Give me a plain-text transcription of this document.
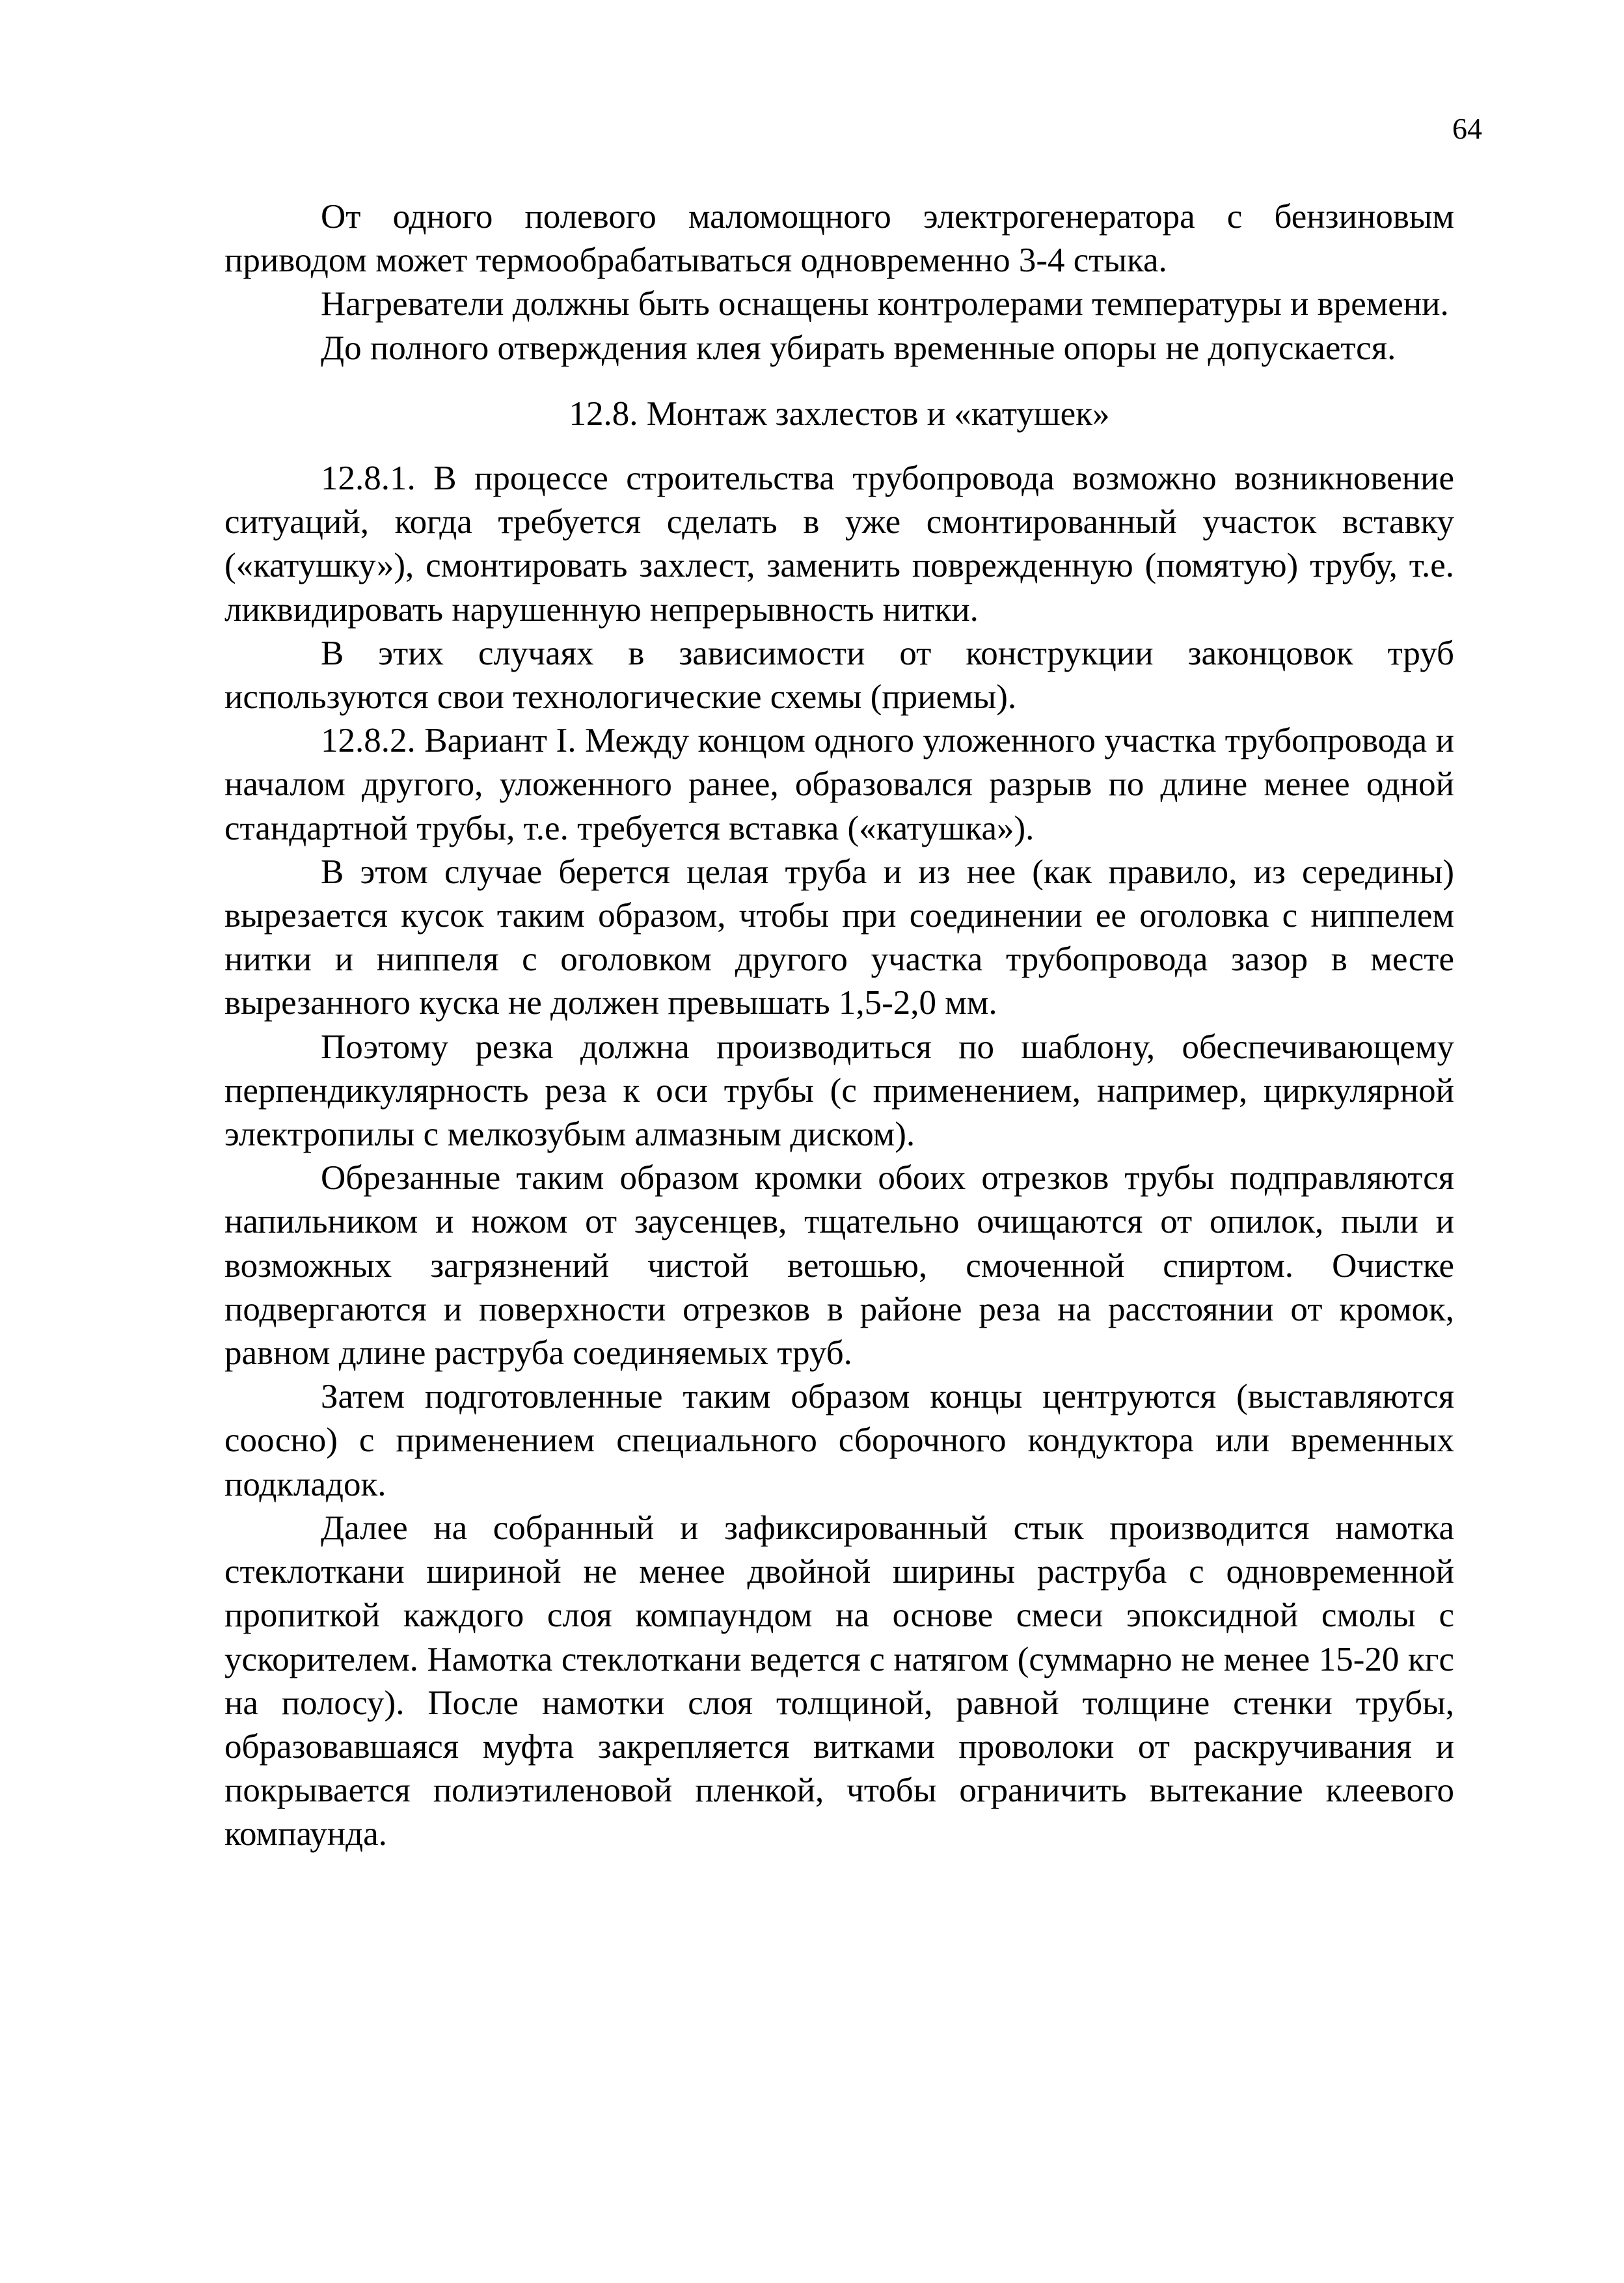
64

От одного полевого маломощного электрогенератора с бензиновым приводом может термообрабатываться одновременно 3-4 стыка.

Нагреватели должны быть оснащены контролерами температуры и времени.

До полного отверждения клея убирать временные опоры не допускается.

12.8. Монтаж захлестов и «катушек»

12.8.1. В процессе строительства трубопровода возможно возникновение ситуаций, когда требуется сделать в уже смонтированный участок вставку («катушку»), смонтировать захлест, заменить поврежденную (помятую) трубу, т.е. ликвидировать нарушенную непрерывность нитки.

В этих случаях в зависимости от конструкции законцовок труб используются свои технологические схемы (приемы).

12.8.2. Вариант I. Между концом одного уложенного участка трубопровода и началом другого, уложенного ранее, образовался разрыв по длине менее одной стандартной трубы, т.е. требуется вставка («катушка»).

В этом случае берется целая труба и из нее (как правило, из середины) вырезается кусок таким образом, чтобы при соединении ее оголовка с ниппелем нитки и ниппеля с оголовком другого участка трубопровода зазор в месте вырезанного куска не должен превышать 1,5-2,0 мм.

Поэтому резка должна производиться по шаблону, обеспечивающему перпендикулярность реза к оси трубы (с применением, например, циркулярной электропилы с мелкозубым алмазным диском).

Обрезанные таким образом кромки обоих отрезков трубы подправляются напильником и ножом от заусенцев, тщательно очищаются от опилок, пыли и возможных загрязнений чистой ветошью, смоченной спиртом. Очистке подвергаются и поверхности отрезков в районе реза на расстоянии от кромок, равном длине раструба соединяемых труб.

Затем подготовленные таким образом концы центруются (выставляются соосно) с применением специального сборочного кондуктора или временных подкладок.

Далее на собранный и зафиксированный стык производится намотка стеклоткани шириной не менее двойной ширины раструба с одновременной пропиткой каждого слоя компаундом на основе смеси эпоксидной смолы с ускорителем. Намотка стеклоткани ведется с натягом (суммарно не менее 15-20 кгс на полосу). После намотки слоя толщиной, равной толщине стенки трубы, образовавшаяся муфта закрепляется витками проволоки от раскручивания и покрывается полиэтиленовой пленкой, чтобы ограничить вытекание клеевого компаунда.
